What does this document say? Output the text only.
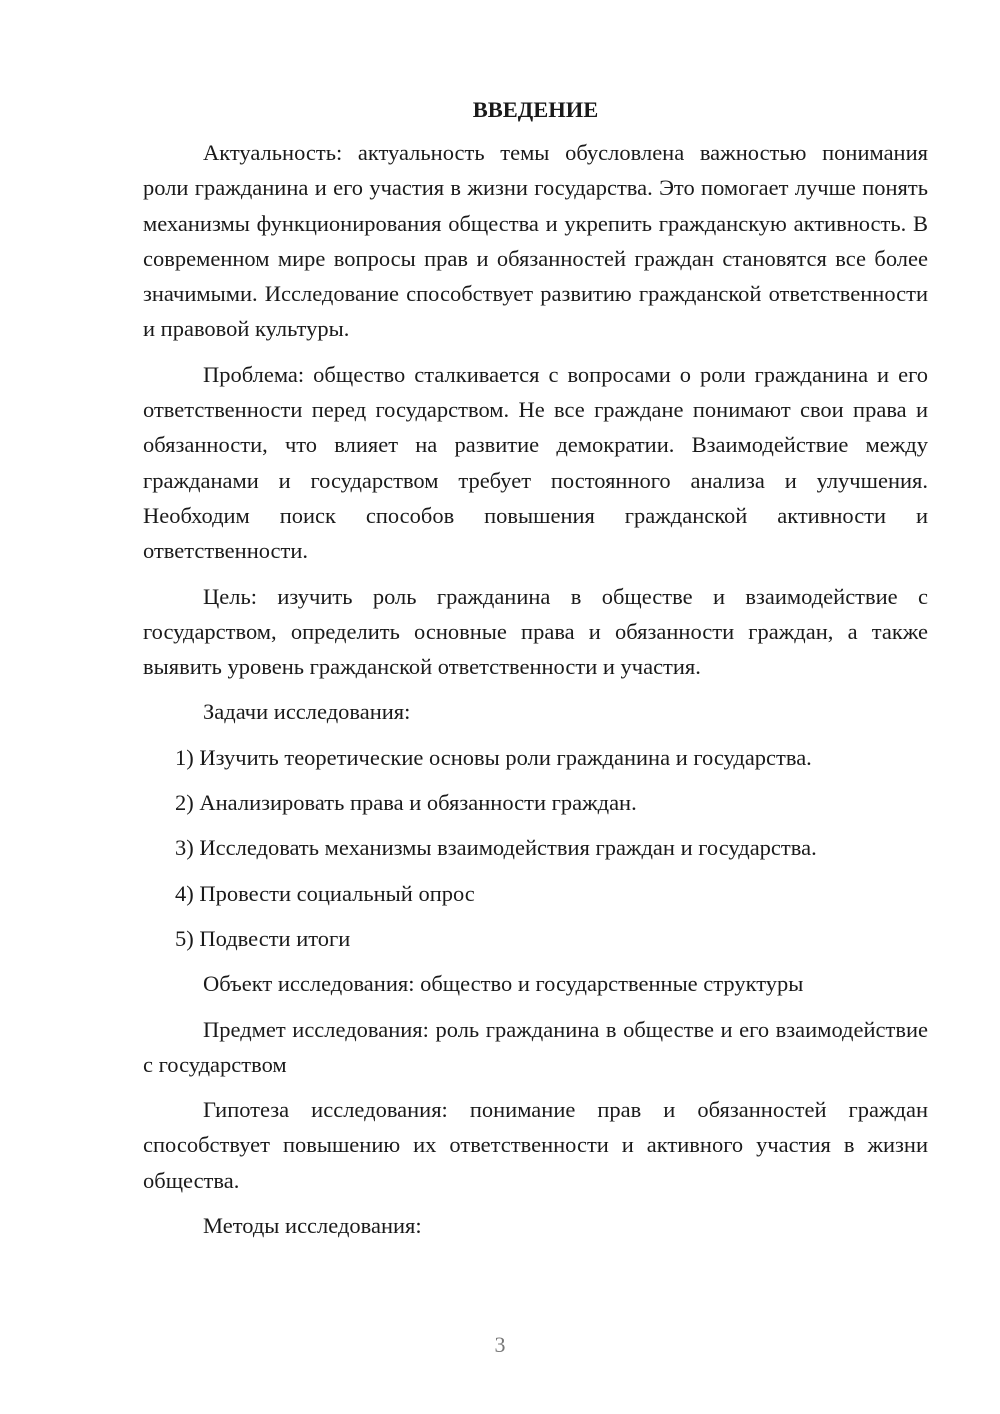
ВВЕДЕНИЕ

Актуальность: актуальность темы обусловлена важностью понимания роли гражданина и его участия в жизни государства. Это помогает лучше понять механизмы функционирования общества и укрепить гражданскую активность. В современном мире вопросы прав и обязанностей граждан становятся все более значимыми. Исследование способствует развитию гражданской ответственности и правовой культуры.

Проблема: общество сталкивается с вопросами о роли гражданина и его ответственности перед государством. Не все граждане понимают свои права и обязанности, что влияет на развитие демократии. Взаимодействие между гражданами и государством требует постоянного анализа и улучшения. Необходим поиск способов повышения гражданской активности и ответственности.

Цель: изучить роль гражданина в обществе и взаимодействие с государством, определить основные права и обязанности граждан, а также выявить уровень гражданской ответственности и участия.

Задачи исследования:

1) Изучить теоретические основы роли гражданина и государства.

2) Анализировать права и обязанности граждан.

3) Исследовать механизмы взаимодействия граждан и государства.

4) Провести социальный опрос

5) Подвести итоги

Объект исследования: общество и государственные структуры

Предмет исследования: роль гражданина в обществе и его взаимодействие с государством

Гипотеза исследования: понимание прав и обязанностей граждан способствует повышению их ответственности и активного участия в жизни общества.

Методы исследования:

3
